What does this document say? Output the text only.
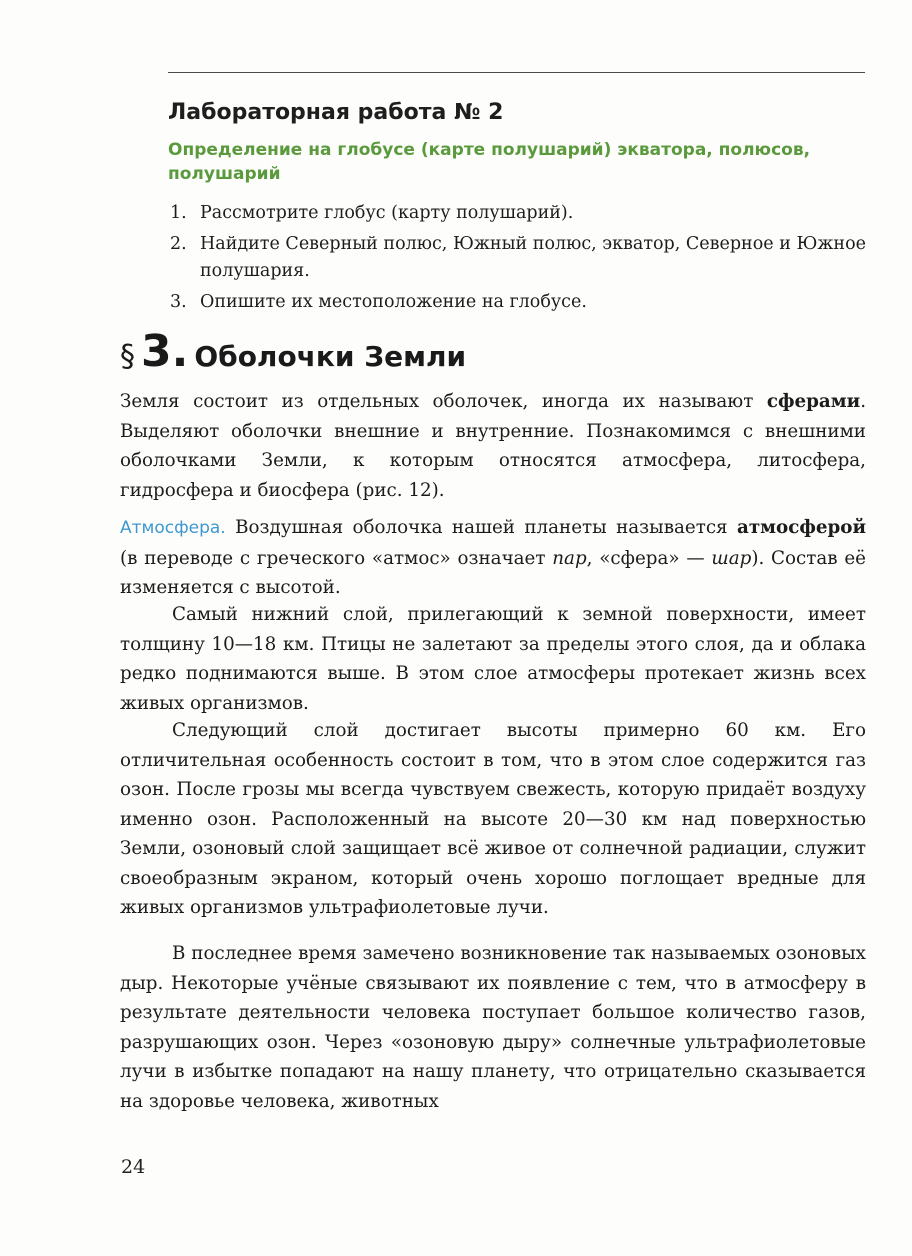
Лабораторная работа № 2
Определение на глобусе (карте полушарий) экватора, полюсов, полушарий
1. Рассмотрите глобус (карту полушарий).
2. Найдите Северный полюс, Южный полюс, экватор, Северное и Южное полушария.
3. Опишите их местоположение на глобусе.
§ 3. Оболочки Земли

Земля состоит из отдельных оболочек, иногда их называют сферами. Выделяют оболочки внешние и внутренние. Познакомимся с внешними оболочками Земли, к которым относятся атмосфера, литосфера, гидросфера и биосфера (рис. 12).

Атмосфера. Воздушная оболочка нашей планеты называется атмосферой (в переводе с греческого «атмос» означает пар, «сфера» — шар). Состав её изменяется с высотой.

Самый нижний слой, прилегающий к земной поверхности, имеет толщину 10—18 км. Птицы не залетают за пределы этого слоя, да и облака редко поднимаются выше. В этом слое атмосферы протекает жизнь всех живых организмов.

Следующий слой достигает высоты примерно 60 км. Его отличительная особенность состоит в том, что в этом слое содержится газ озон. После грозы мы всегда чувствуем свежесть, которую придаёт воздуху именно озон. Расположенный на высоте 20—30 км над поверхностью Земли, озоновый слой защищает всё живое от солнечной радиации, служит своеобразным экраном, который очень хорошо поглощает вредные для живых организмов ультрафиолетовые лучи.

В последнее время замечено возникновение так называемых озоновых дыр. Некоторые учёные связывают их появление с тем, что в атмосферу в результате деятельности человека поступает большое количество газов, разрушающих озон. Через «озоновую дыру» солнечные ультрафиолетовые лучи в избытке попадают на нашу планету, что отрицательно сказывается на здоровье человека, животных

24
